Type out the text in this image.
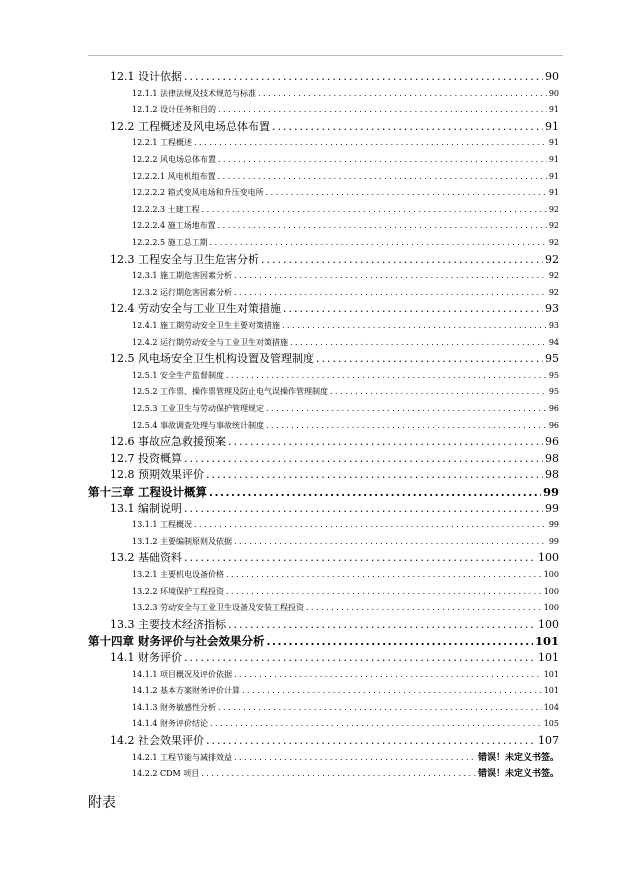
12.1 设计依据 .....	90
12.1.1 法律法规及技术规范与标准 .....	90
12.1.2 设计任务和目的 .....	91
12.2 工程概述及风电场总体布置 .....	91
12.2.1 工程概述 .....	91
12.2.2 风电场总体布置 .....	91
12.2.2.1 风电机组布置 .....	91
12.2.2.2 箱式变风电场和升压变电所 .....	91
12.2.2.3 土建工程 .....	92
12.2.2.4 施工场地布置 .....	92
12.2.2.5 施工总工期 .....	92
12.3 工程安全与卫生危害分析 .....	92
12.3.1 施工期危害因素分析 .....	92
12.3.2 运行期危害因素分析 .....	92
12.4 劳动安全与工业卫生对策措施 .....	93
12.4.1 施工期劳动安全卫生主要对策措施 .....	93
12.4.2 运行期劳动安全与工业卫生对策措施 .....	94
12.5 风电场安全卫生机构设置及管理制度 .....	95
12.5.1 安全生产监督制度 .....	95
12.5.2 工作票、操作票管理及防止电气误操作管理制度 .....	95
12.5.3 工业卫生与劳动保护管理规定 .....	96
12.5.4 事故调查处理与事故统计制度 .....	96
12.6 事故应急救援预案 .....	96
12.7 投资概算 .....	98
12.8 预期效果评价 .....	98
第十三章 工程设计概算 .....	99
13.1 编制说明 .....	99
13.1.1 工程概况 .....	99
13.1.2 主要编制原则及依据 .....	99
13.2 基础资料 .....	100
13.2.1 主要机电设备价格 .....	100
13.2.2 环境保护工程投资 .....	100
13.2.3 劳动安全与工业卫生设备及安装工程投资 .....	100
13.3 主要技术经济指标 .....	100
第十四章 财务评价与社会效果分析 .....	101
14.1 财务评价 .....	101
14.1.1 项目概况及评价依据 .....	101
14.1.2 基本方案财务评价计算 .....	101
14.1.3 财务敏感性分析 .....	104
14.1.4 财务评价结论 .....	105
14.2 社会效果评价 .....	107
14.2.1 工程节能与减排效益 .....	错误！未定义书签。
14.2.2 CDM 项目 .....	错误！未定义书签。
附表
